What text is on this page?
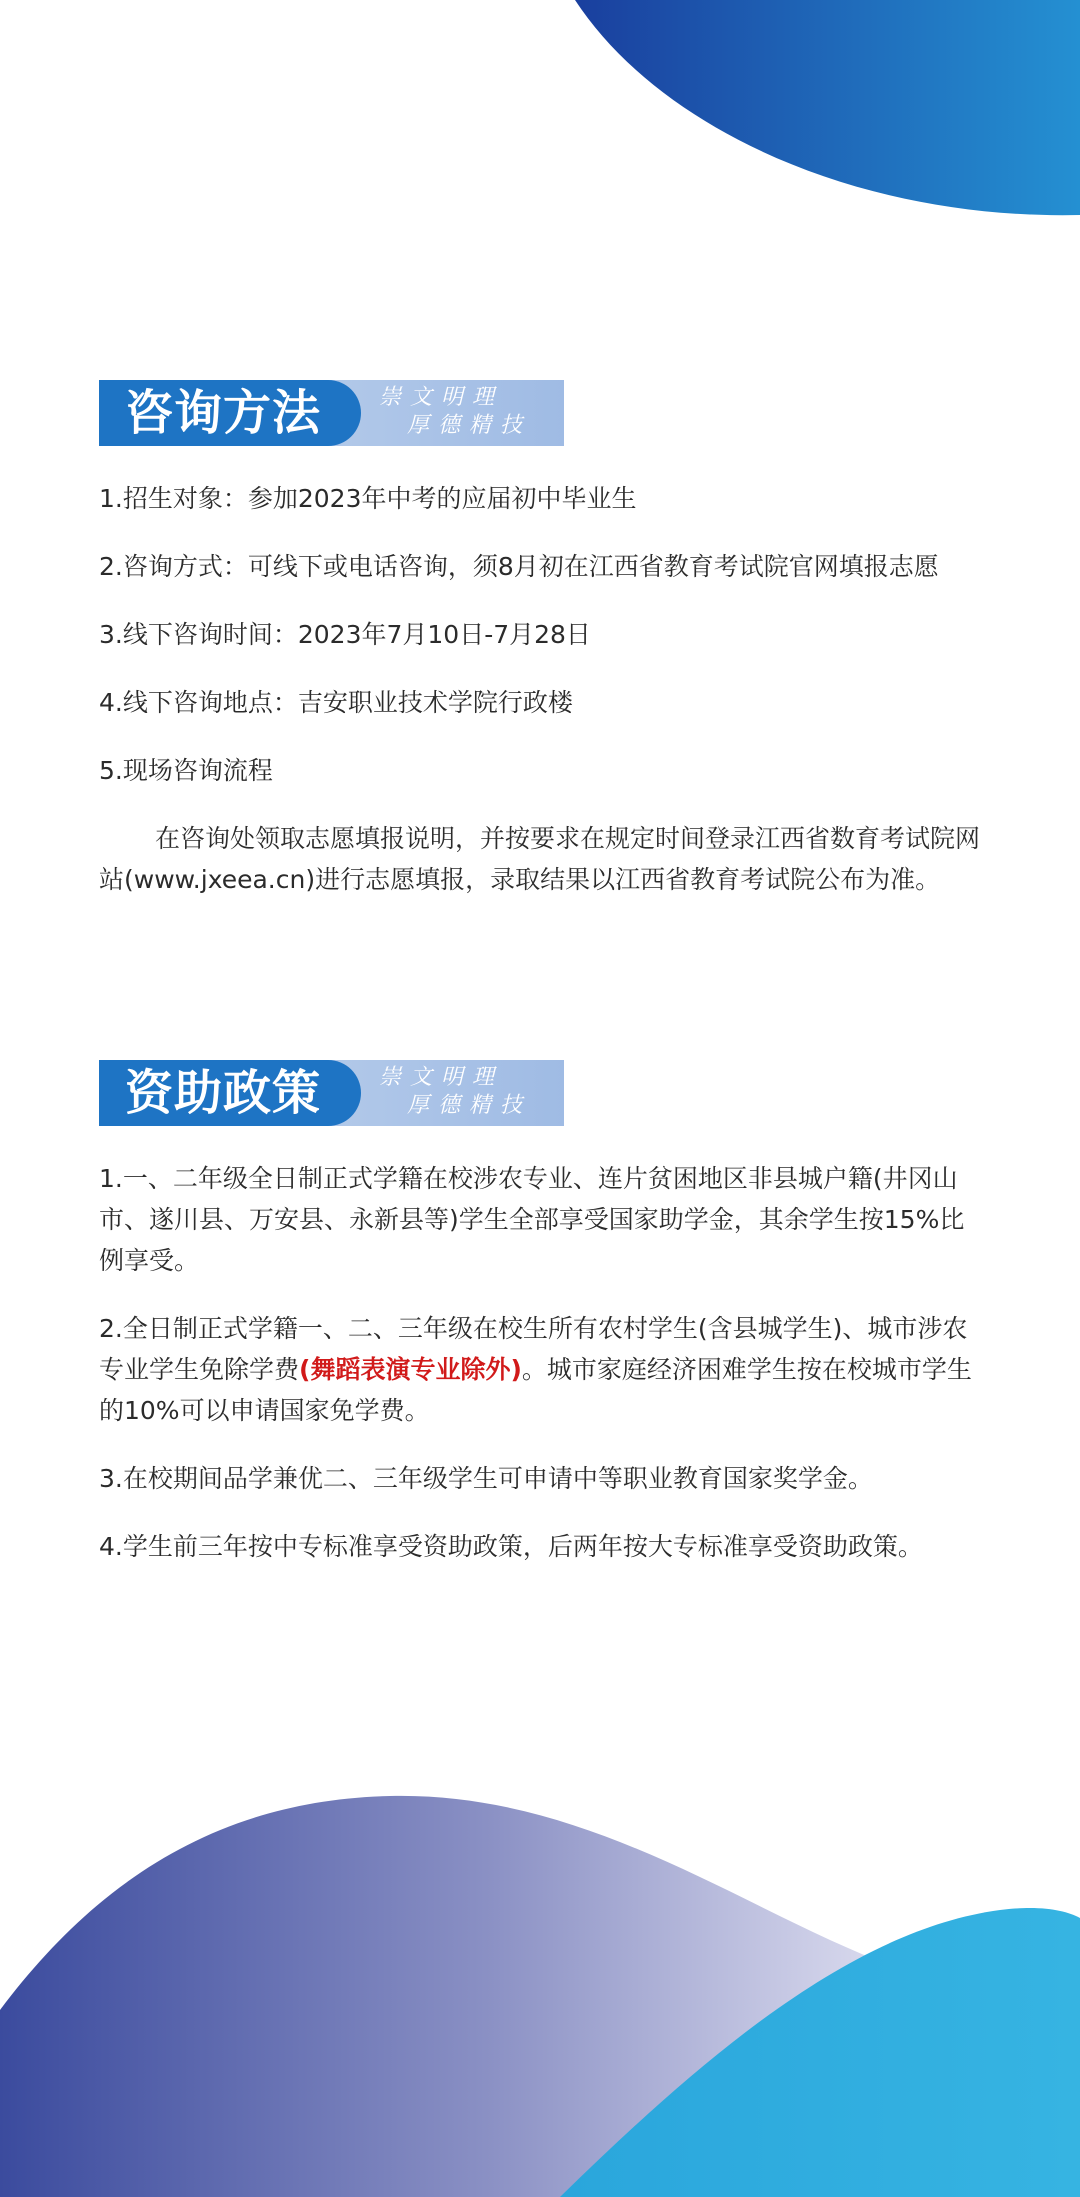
咨询方法	崇文明理
厚德精技
1.招生对象：参加2023年中考的应届初中毕业生
2.咨询方式：可线下或电话咨询，须8月初在江西省教育考试院官网填报志愿
3.线下咨询时间：2023年7月10日-7月28日
4.线下咨询地点：吉安职业技术学院行政楼
5.现场咨询流程
在咨询处领取志愿填报说明，并按要求在规定时间登录江西省数育考试院网站(www.jxeea.cn)进行志愿填报，录取结果以江西省教育考试院公布为准。
资助政策	崇文明理
厚德精技
1.一、二年级全日制正式学籍在校涉农专业、连片贫困地区非县城户籍(井冈山市、遂川县、万安县、永新县等)学生全部享受国家助学金，其余学生按15%比例享受。
2.全日制正式学籍一、二、三年级在校生所有农村学生(含县城学生)、城市涉农专业学生免除学费(舞蹈表演专业除外)。城市家庭经济困难学生按在校城市学生的10%可以申请国家免学费。
3.在校期间品学兼优二、三年级学生可申请中等职业教育国家奖学金。
4.学生前三年按中专标准享受资助政策，后两年按大专标准享受资助政策。
